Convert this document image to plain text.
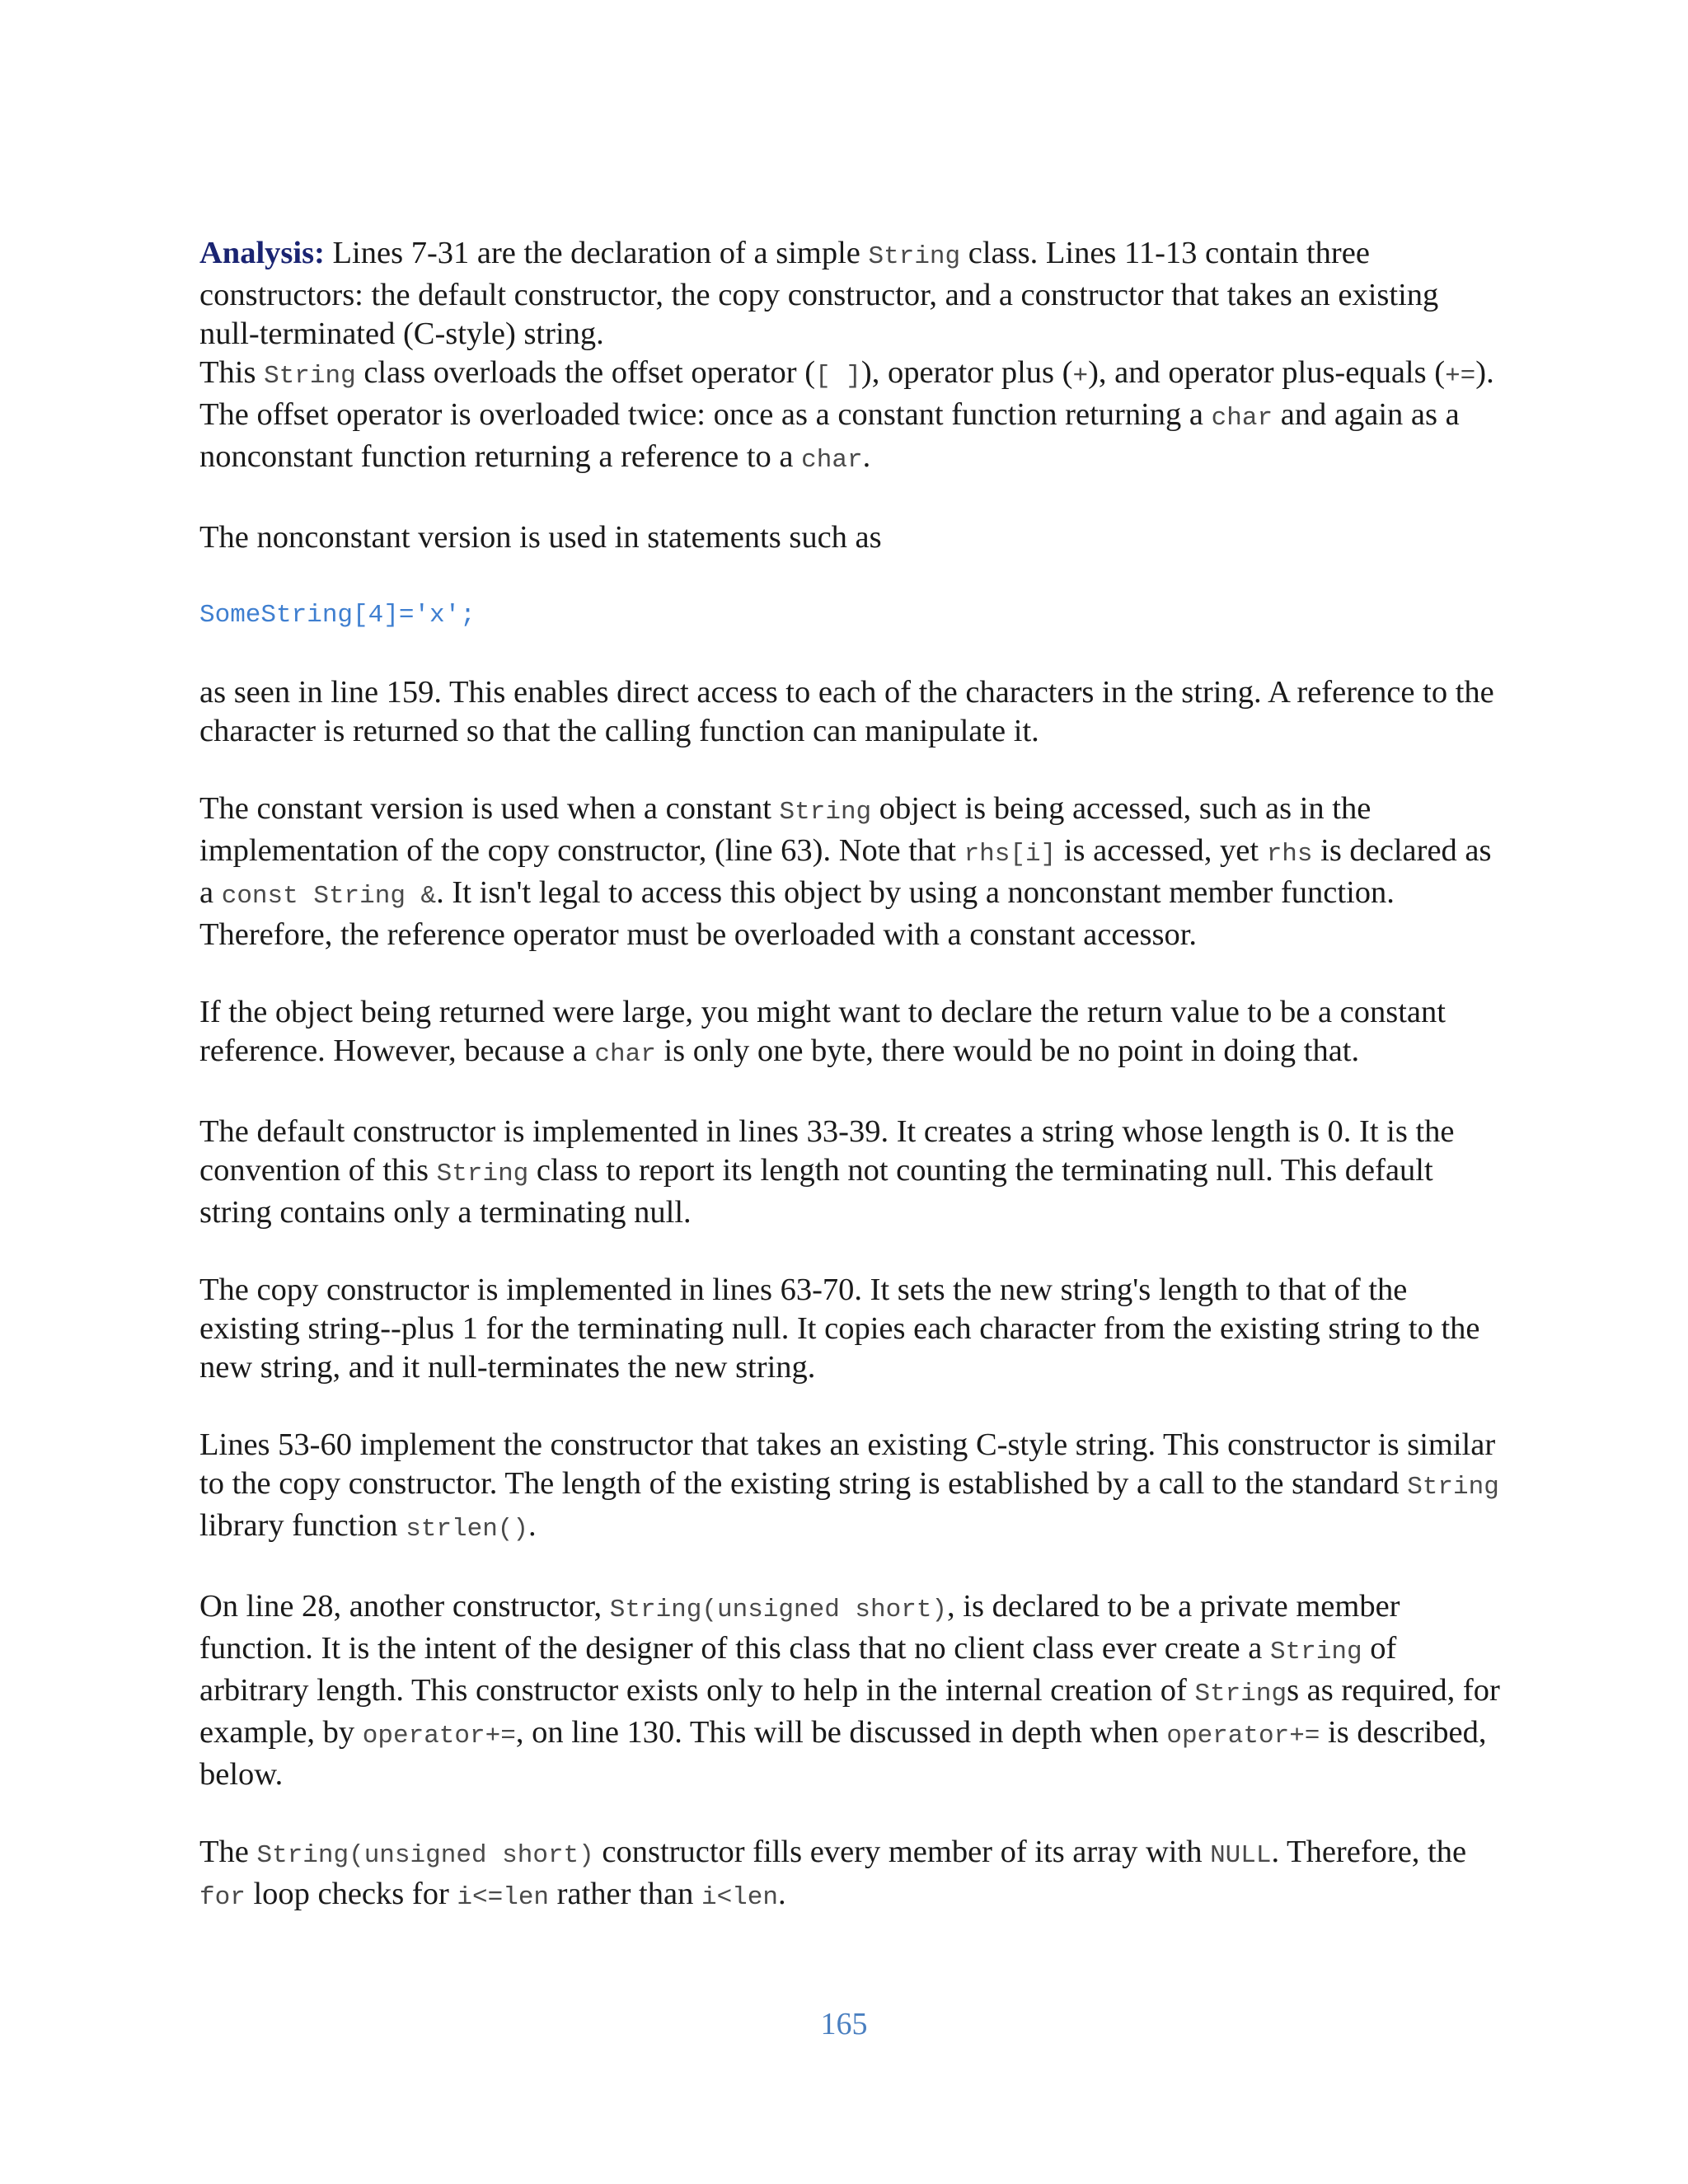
Analysis: Lines 7-31 are the declaration of a simple String class. Lines 11-13 contain three constructors: the default constructor, the copy constructor, and a constructor that takes an existing null-terminated (C-style) string.

This String class overloads the offset operator ([ ]), operator plus (+), and operator plus-equals (+=). The offset operator is overloaded twice: once as a constant function returning a char and again as a nonconstant function returning a reference to a char.

The nonconstant version is used in statements such as

SomeString[4]='x';

as seen in line 159. This enables direct access to each of the characters in the string. A reference to the character is returned so that the calling function can manipulate it.

The constant version is used when a constant String object is being accessed, such as in the implementation of the copy constructor, (line 63). Note that rhs[i] is accessed, yet rhs is declared as a const String &. It isn't legal to access this object by using a nonconstant member function. Therefore, the reference operator must be overloaded with a constant accessor.

If the object being returned were large, you might want to declare the return value to be a constant reference. However, because a char is only one byte, there would be no point in doing that.

The default constructor is implemented in lines 33-39. It creates a string whose length is 0. It is the convention of this String class to report its length not counting the terminating null. This default string contains only a terminating null.

The copy constructor is implemented in lines 63-70. It sets the new string's length to that of the existing string--plus 1 for the terminating null. It copies each character from the existing string to the new string, and it null-terminates the new string.

Lines 53-60 implement the constructor that takes an existing C-style string. This constructor is similar to the copy constructor. The length of the existing string is established by a call to the standard String library function strlen().

On line 28, another constructor, String(unsigned short), is declared to be a private member function. It is the intent of the designer of this class that no client class ever create a String of arbitrary length. This constructor exists only to help in the internal creation of Strings as required, for example, by operator+=, on line 130. This will be discussed in depth when operator+= is described, below.

The String(unsigned short) constructor fills every member of its array with NULL. Therefore, the for loop checks for i<=len rather than i<len.

165
